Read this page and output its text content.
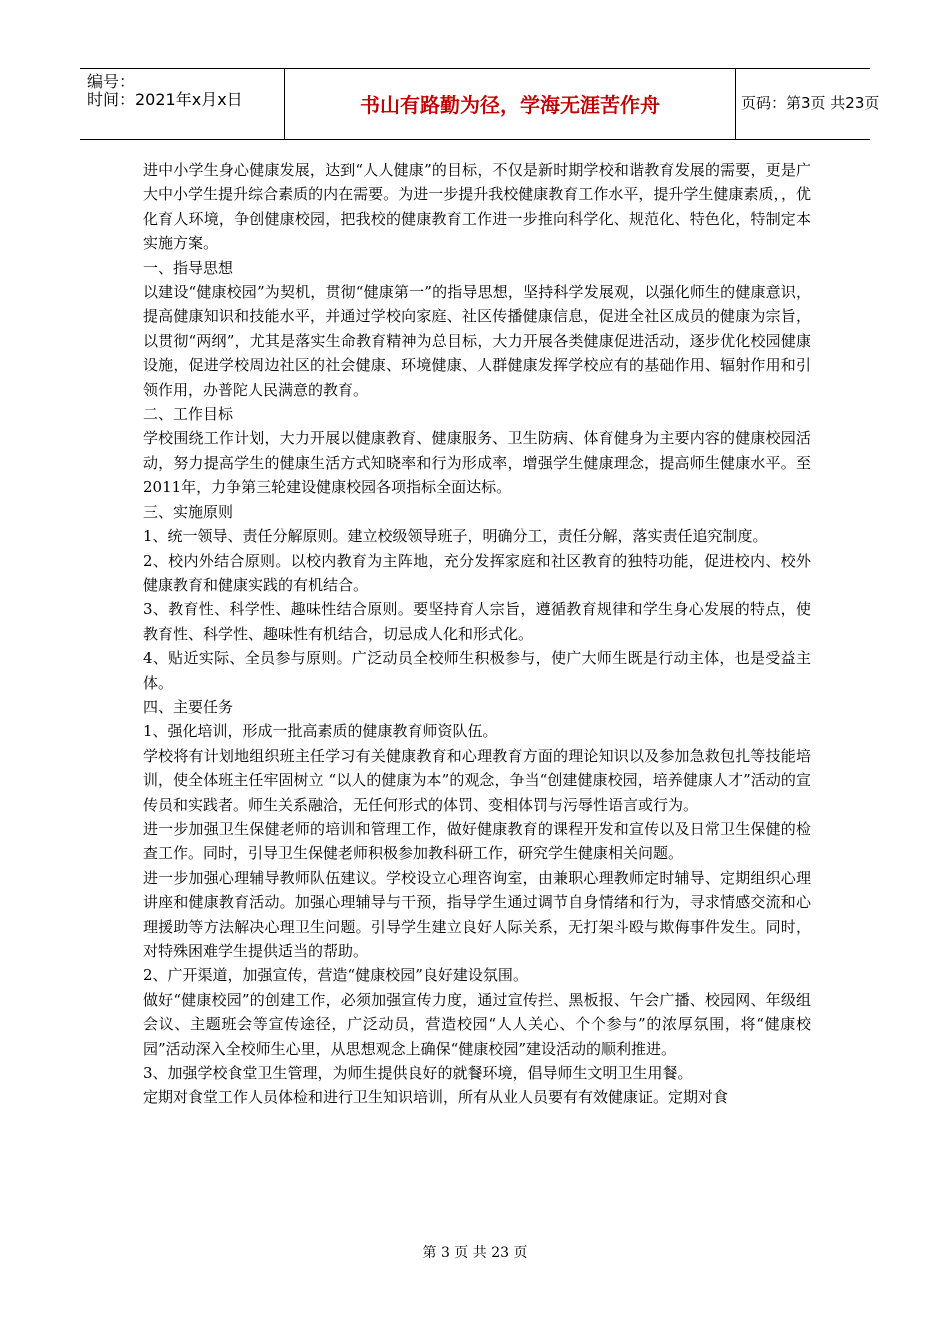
编号：
时间：2021年x月x日	书山有路勤为径，学海无涯苦作舟	页码：第3页 共23页

进中小学生身心健康发展，达到“人人健康”的目标，不仅是新时期学校和谐教育发展的需要，更是广大中小学生提升综合素质的内在需要。为进一步提升我校健康教育工作水平，提升学生健康素质，，优化育人环境，争创健康校园，把我校的健康教育工作进一步推向科学化、规范化、特色化，特制定本实施方案。

一、指导思想

以建设“健康校园”为契机，贯彻“健康第一”的指导思想，坚持科学发展观，以强化师生的健康意识，提高健康知识和技能水平，并通过学校向家庭、社区传播健康信息，促进全社区成员的健康为宗旨，以贯彻“两纲”，尤其是落实生命教育精神为总目标，大力开展各类健康促进活动，逐步优化校园健康设施，促进学校周边社区的社会健康、环境健康、人群健康发挥学校应有的基础作用、辐射作用和引领作用，办普陀人民满意的教育。

二、工作目标

学校围绕工作计划，大力开展以健康教育、健康服务、卫生防病、体育健身为主要内容的健康校园活动，努力提高学生的健康生活方式知晓率和行为形成率，增强学生健康理念，提高师生健康水平。至2011年，力争第三轮建设健康校园各项指标全面达标。

三、实施原则

1、统一领导、责任分解原则。建立校级领导班子，明确分工，责任分解，落实责任追究制度。

2、校内外结合原则。以校内教育为主阵地，充分发挥家庭和社区教育的独特功能，促进校内、校外健康教育和健康实践的有机结合。

3、教育性、科学性、趣味性结合原则。要坚持育人宗旨，遵循教育规律和学生身心发展的特点，使教育性、科学性、趣味性有机结合，切忌成人化和形式化。

4、贴近实际、全员参与原则。广泛动员全校师生积极参与，使广大师生既是行动主体，也是受益主体。

四、主要任务

1、强化培训，形成一批高素质的健康教育师资队伍。

学校将有计划地组织班主任学习有关健康教育和心理教育方面的理论知识以及参加急救包扎等技能培训，使全体班主任牢固树立 “以人的健康为本”的观念，争当“创建健康校园，培养健康人才”活动的宣传员和实践者。师生关系融洽，无任何形式的体罚、变相体罚与污辱性语言或行为。

进一步加强卫生保健老师的培训和管理工作，做好健康教育的课程开发和宣传以及日常卫生保健的检查工作。同时，引导卫生保健老师积极参加教科研工作，研究学生健康相关问题。

进一步加强心理辅导教师队伍建议。学校设立心理咨询室，由兼职心理教师定时辅导、定期组织心理讲座和健康教育活动。加强心理辅导与干预，指导学生通过调节自身情绪和行为，寻求情感交流和心理援助等方法解决心理卫生问题。引导学生建立良好人际关系，无打架斗殴与欺侮事件发生。同时，对特殊困难学生提供适当的帮助。

2、广开渠道，加强宣传，营造“健康校园”良好建设氛围。

做好“健康校园”的创建工作，必须加强宣传力度，通过宣传拦、黑板报、午会广播、校园网、年级组会议、主题班会等宣传途径，广泛动员，营造校园“人人关心、个个参与”的浓厚氛围，将“健康校园”活动深入全校师生心里，从思想观念上确保“健康校园”建设活动的顺利推进。

3、加强学校食堂卫生管理，为师生提供良好的就餐环境，倡导师生文明卫生用餐。

定期对食堂工作人员体检和进行卫生知识培训，所有从业人员要有有效健康证。定期对食

第 3 页 共 23 页
